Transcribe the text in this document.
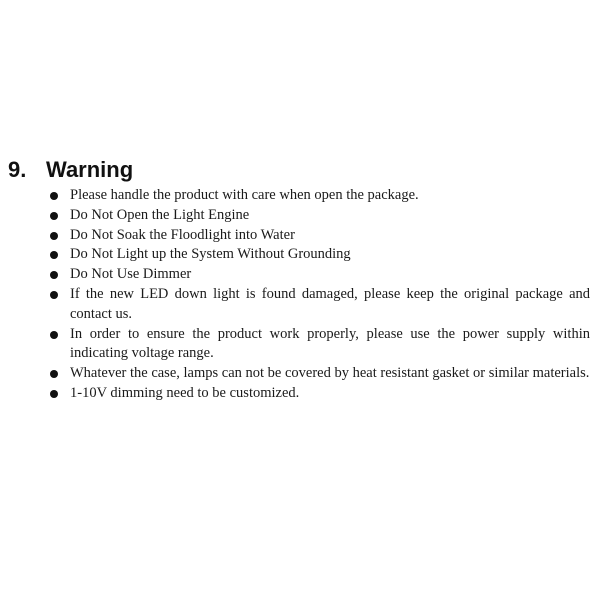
9. Warning
Please handle the product with care when open the package.
Do Not Open the Light Engine
Do Not Soak the Floodlight into Water
Do Not Light up the System Without Grounding
Do Not Use Dimmer
If the new LED down light is found damaged, please keep the original package and contact us.
In order to ensure the product work properly, please use the power supply within indicating voltage range.
Whatever the case, lamps can not be covered by heat resistant gasket or similar materials.
1-10V dimming need to be customized.
